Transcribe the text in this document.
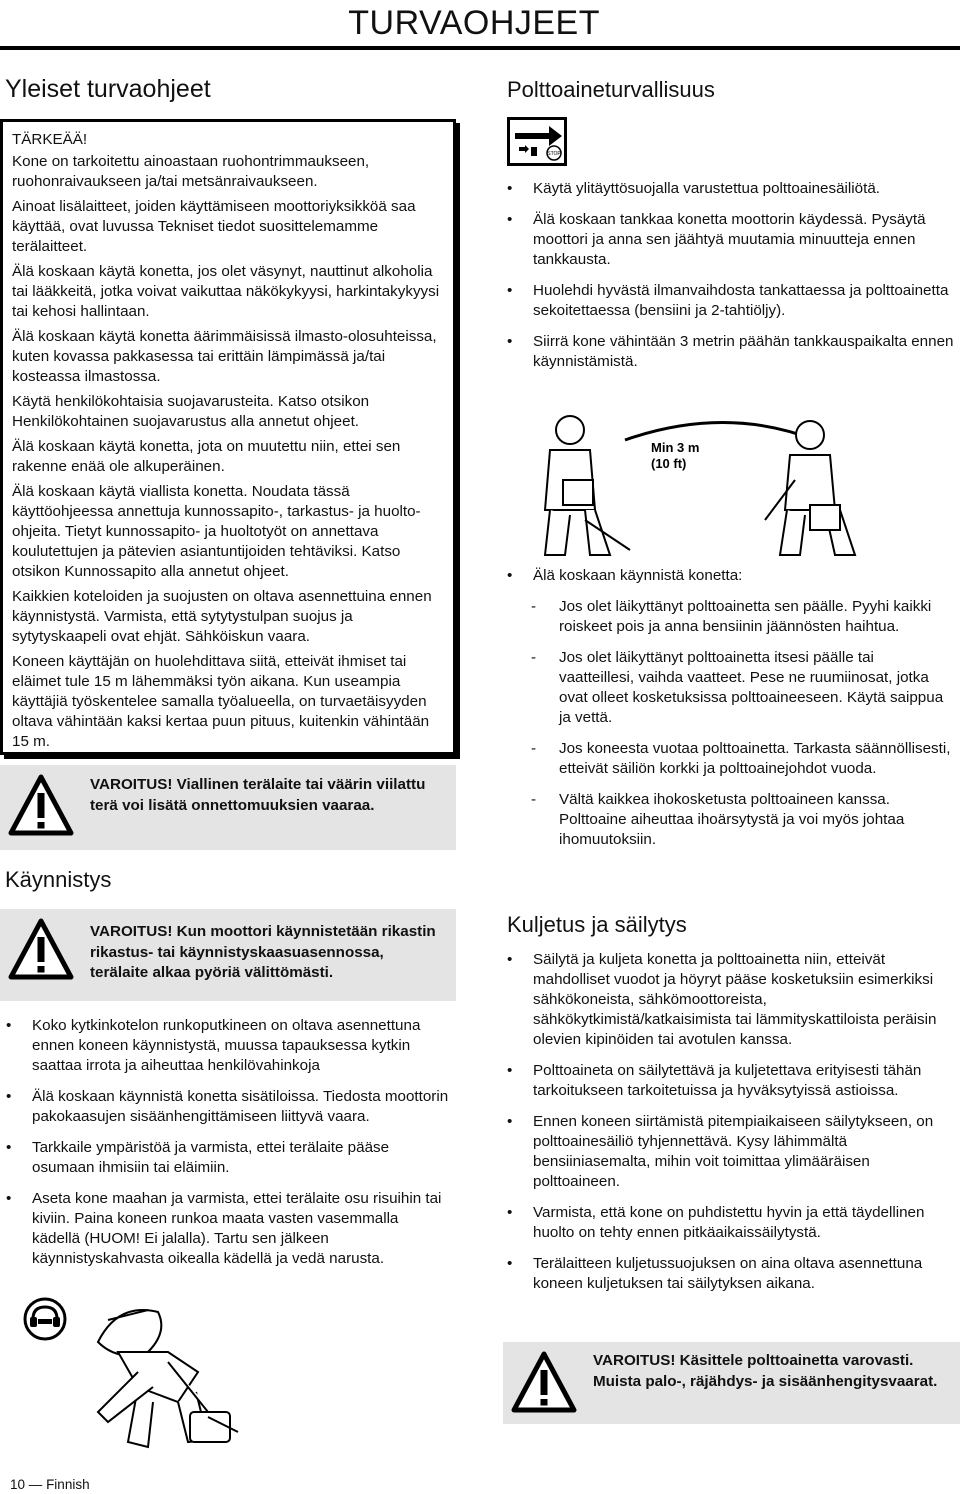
TURVAOHJEET
Yleiset turvaohjeet

TÄRKEÄÄ!

Kone on tarkoitettu ainoastaan ruohontrimmaukseen, ruohonraivaukseen ja/tai metsänraivaukseen.

Ainoat lisälaitteet, joiden käyttämiseen moottoriyksikköä saa käyttää, ovat luvussa Tekniset tiedot suosittelemamme terälaitteet.

Älä koskaan käytä konetta, jos olet väsynyt, nauttinut alkoholia tai lääkkeitä, jotka voivat vaikuttaa näkökykyysi, harkintakykyysi tai kehosi hallintaan.

Älä koskaan käytä konetta äärimmäisissä ilmasto-olosuhteissa, kuten kovassa pakkasessa tai erittäin lämpimässä ja/tai kosteassa ilmastossa.

Käytä henkilökohtaisia suojavarusteita. Katso otsikon Henkilökohtainen suojavarustus alla annetut ohjeet.

Älä koskaan käytä konetta, jota on muutettu niin, ettei sen rakenne enää ole alkuperäinen.

Älä koskaan käytä viallista konetta. Noudata tässä käyttöohjeessa annettuja kunnossapito-, tarkastus- ja huolto-ohjeita. Tietyt kunnossapito- ja huoltotyöt on annettava koulutettujen ja pätevien asiantuntijoiden tehtäviksi. Katso otsikon Kunnossapito alla annetut ohjeet.

Kaikkien koteloiden ja suojusten on oltava asennettuina ennen käynnistystä. Varmista, että sytytystulpan suojus ja sytytyskaapeli ovat ehjät. Sähköiskun vaara.

Koneen käyttäjän on huolehdittava siitä, etteivät ihmiset tai eläimet tule 15 m lähemmäksi työn aikana. Kun useampia käyttäjiä työskentelee samalla työalueella, on turvaetäisyyden oltava vähintään kaksi kertaa puun pituus, kuitenkin vähintään 15 m.

VAROITUS! Viallinen terälaite tai väärin viilattu terä voi lisätä onnettomuuksien vaaraa.
Käynnistys
VAROITUS! Kun moottori käynnistetään rikastin rikastus- tai käynnistyskaasuasennossa, terälaite alkaa pyöriä välittömästi.
• Koko kytkinkotelon runkoputkineen on oltava asennettuna ennen koneen käynnistystä, muussa tapauksessa kytkin saattaa irrota ja aiheuttaa henkilövahinkoja
• Älä koskaan käynnistä konetta sisätiloissa. Tiedosta moottorin pakokaasujen sisäänhengittämiseen liittyvä vaara.
• Tarkkaile ympäristöä ja varmista, ettei terälaite pääse osumaan ihmisiin tai eläimiin.
• Aseta kone maahan ja varmista, ettei terälaite osu risuihin tai kiviin. Paina koneen runkoa maata vasten vasemmalla kädellä (HUOM! Ei jalalla). Tartu sen jälkeen käynnistyskahvasta oikealla kädellä ja vedä narusta.
Polttoaineturvallisuus
STOP
• Käytä ylitäyttösuojalla varustettua polttoainesäiliötä.
• Älä koskaan tankkaa konetta moottorin käydessä. Pysäytä moottori ja anna sen jäähtyä muutamia minuutteja ennen tankkausta.
• Huolehdi hyvästä ilmanvaihdosta tankattaessa ja polttoainetta sekoitettaessa (bensiini ja 2-tahtiöljy).
• Siirrä kone vähintään 3 metrin päähän tankkauspaikalta ennen käynnistämistä.
Min 3 m
(10 ft)
• Älä koskaan käynnistä konetta:
- Jos olet läikyttänyt polttoainetta sen päälle. Pyyhi kaikki roiskeet pois ja anna bensiinin jäännösten haihtua.
- Jos olet läikyttänyt polttoainetta itsesi päälle tai vaatteillesi, vaihda vaatteet. Pese ne ruumiinosat, jotka ovat olleet kosketuksissa polttoaineeseen. Käytä saippua ja vettä.
- Jos koneesta vuotaa polttoainetta. Tarkasta säännöllisesti, etteivät säiliön korkki ja polttoainejohdot vuoda.
- Vältä kaikkea ihokosketusta polttoaineen kanssa. Polttoaine aiheuttaa ihoärsytystä ja voi myös johtaa ihomuutoksiin.
Kuljetus ja säilytys
• Säilytä ja kuljeta konetta ja polttoainetta niin, etteivät mahdolliset vuodot ja höyryt pääse kosketuksiin esimerkiksi sähkökoneista, sähkömoottoreista, sähkökytkimistä/katkaisimista tai lämmityskattiloista peräisin olevien kipinöiden tai avotulen kanssa.
• Polttoaineta on säilytettävä ja kuljetettava erityisesti tähän tarkoitukseen tarkoitetuissa ja hyväksytyissä astioissa.
• Ennen koneen siirtämistä pitempiaikaiseen säilytykseen, on polttoainesäiliö tyhjennettävä. Kysy lähimmältä bensiiniasemalta, mihin voit toimittaa ylimääräisen polttoaineen.
• Varmista, että kone on puhdistettu hyvin ja että täydellinen huolto on tehty ennen pitkäaikaissäilytystä.
• Terälaitteen kuljetussuojuksen on aina oltava asennettuna koneen kuljetuksen tai säilytyksen aikana.
VAROITUS! Käsittele polttoainetta varovasti. Muista palo-, räjähdys- ja sisäänhengitysvaarat.
10 — Finnish
